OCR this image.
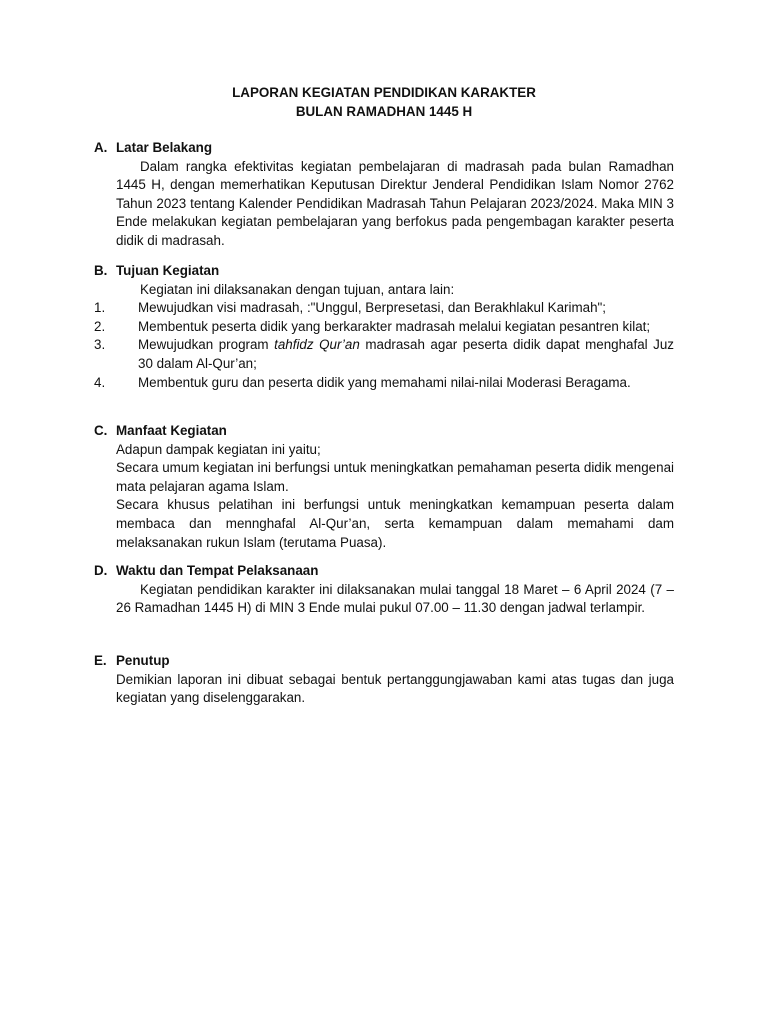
LAPORAN KEGIATAN PENDIDIKAN KARAKTER
BULAN RAMADHAN 1445 H
A. Latar Belakang

Dalam rangka efektivitas kegiatan pembelajaran di madrasah pada bulan Ramadhan 1445 H, dengan memerhatikan Keputusan Direktur Jenderal Pendidikan Islam Nomor 2762 Tahun 2023 tentang Kalender Pendidikan Madrasah Tahun Pelajaran 2023/2024. Maka MIN 3 Ende melakukan kegiatan pembelajaran yang berfokus pada pengembagan karakter peserta didik di madrasah.

B. Tujuan Kegiatan

Kegiatan ini dilaksanakan dengan tujuan, antara lain:

1. Mewujudkan visi madrasah, :"Unggul, Berpresetasi, dan Berakhlakul Karimah";
2. Membentuk peserta didik yang berkarakter madrasah melalui kegiatan pesantren kilat;
3. Mewujudkan program tahfidz Qur’an madrasah agar peserta didik dapat menghafal Juz 30 dalam Al-Qur’an;
4. Membentuk guru dan peserta didik yang memahami nilai-nilai Moderasi Beragama.
C. Manfaat Kegiatan

Adapun dampak kegiatan ini yaitu;

Secara umum kegiatan ini berfungsi untuk meningkatkan pemahaman peserta didik mengenai mata pelajaran agama Islam.

Secara khusus pelatihan ini berfungsi untuk meningkatkan kemampuan peserta dalam membaca dan mennghafal Al-Qur’an, serta kemampuan dalam memahami dam melaksanakan rukun Islam (terutama Puasa).

D. Waktu dan Tempat Pelaksanaan

Kegiatan pendidikan karakter ini dilaksanakan mulai tanggal 18 Maret – 6 April 2024 (7 – 26 Ramadhan 1445 H) di MIN 3 Ende mulai pukul 07.00 – 11.30 dengan jadwal terlampir.

E. Penutup

Demikian laporan ini dibuat sebagai bentuk pertanggungjawaban kami atas tugas dan juga kegiatan yang diselenggarakan.
